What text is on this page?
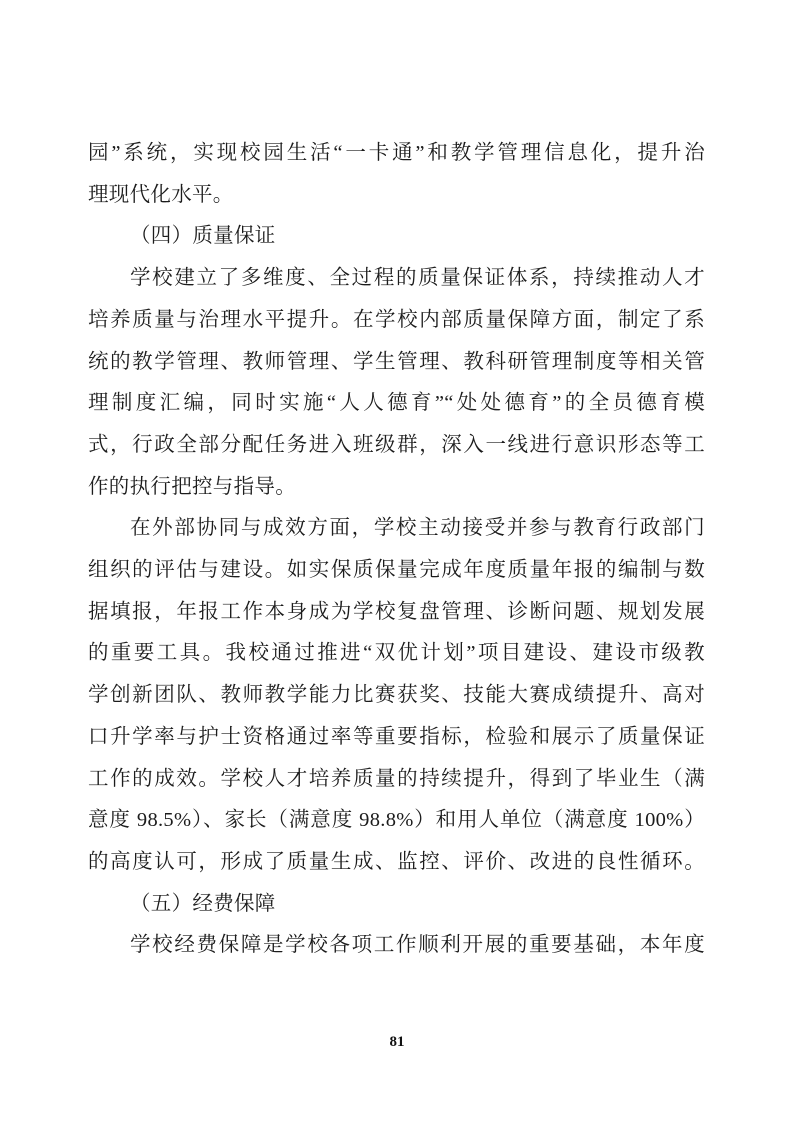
园”系统，实现校园生活“一卡通”和教学管理信息化，提升治
理现代化水平。
（四）质量保证
学校建立了多维度、全过程的质量保证体系，持续推动人才
培养质量与治理水平提升。在学校内部质量保障方面，制定了系
统的教学管理、教师管理、学生管理、教科研管理制度等相关管
理制度汇编，同时实施“人人德育”“处处德育”的全员德育模
式，行政全部分配任务进入班级群，深入一线进行意识形态等工
作的执行把控与指导。
在外部协同与成效方面，学校主动接受并参与教育行政部门
组织的评估与建设。如实保质保量完成年度质量年报的编制与数
据填报，年报工作本身成为学校复盘管理、诊断问题、规划发展
的重要工具。我校通过推进“双优计划”项目建设、建设市级教
学创新团队、教师教学能力比赛获奖、技能大赛成绩提升、高对
口升学率与护士资格通过率等重要指标，检验和展示了质量保证
工作的成效。学校人才培养质量的持续提升，得到了毕业生（满
意度 98.5%）、家长（满意度 98.8%）和用人单位（满意度 100%）
的高度认可，形成了质量生成、监控、评价、改进的良性循环。
（五）经费保障
学校经费保障是学校各项工作顺利开展的重要基础，本年度
81
